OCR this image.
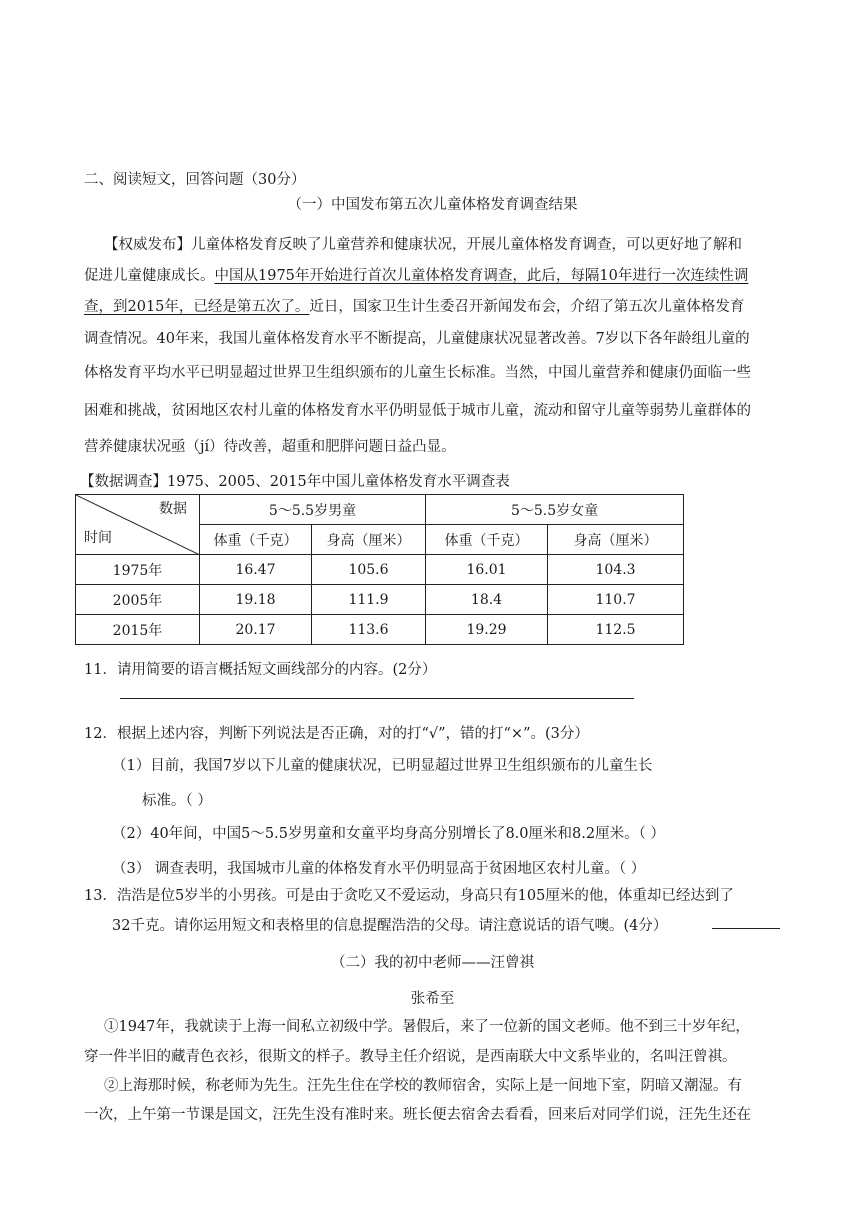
二、阅读短文，回答问题（30分）
（一）中国发布第五次儿童体格发育调查结果
【权威发布】儿童体格发育反映了儿童营养和健康状况，开展儿童体格发育调查，可以更好地了解和
促进儿童健康成长。中国从1975年开始进行首次儿童体格发育调查，此后，每隔10年进行一次连续性调
查，到2015年，已经是第五次了。近日，国家卫生计生委召开新闻发布会，介绍了第五次儿童体格发育
调查情况。40年来，我国儿童体格发育水平不断提高，儿童健康状况显著改善。7岁以下各年龄组儿童的
体格发育平均水平已明显超过世界卫生组织颁布的儿童生长标准。当然，中国儿童营养和健康仍面临一些
困难和挑战，贫困地区农村儿童的体格发育水平仍明显低于城市儿童，流动和留守儿童等弱势儿童群体的
营养健康状况亟（jí）待改善，超重和肥胖问题日益凸显。
【数据调查】1975、2005、2015年中国儿童体格发育水平调查表
数据
时间	5～5.5岁男童		5～5.5岁女童	
	体重（千克）	身高（厘米）	体重（千克）	身高（厘米）
1975年	16.47	105.6	16.01	104.3
2005年	19.18	111.9	18.4	110.7
2015年	20.17	113.6	19.29	112.5
11．请用简要的语言概括短文画线部分的内容。(2分）
12．根据上述内容，判断下列说法是否正确，对的打“√”，错的打“×”。(3分）
（1）目前，我国7岁以下儿童的健康状况，已明显超过世界卫生组织颁布的儿童生长
标准。（ ）
（2）40年间，中国5～5.5岁男童和女童平均身高分别增长了8.0厘米和8.2厘米。（ ）
（3） 调查表明，我国城市儿童的体格发育水平仍明显高于贫困地区农村儿童。（ ）
13．浩浩是位5岁半的小男孩。可是由于贪吃又不爱运动，身高只有105厘米的他，体重却已经达到了
32千克。请你运用短文和表格里的信息提醒浩浩的父母。请注意说话的语气噢。(4分）
（二）我的初中老师——汪曾祺
张希至
①1947年，我就读于上海一间私立初级中学。暑假后，来了一位新的国文老师。他不到三十岁年纪，
穿一件半旧的藏青色衣衫，很斯文的样子。教导主任介绍说，是西南联大中文系毕业的，名叫汪曾祺。
②上海那时候，称老师为先生。汪先生住在学校的教师宿舍，实际上是一间地下室，阴暗又潮湿。有
一次，上午第一节课是国文，汪先生没有准时来。班长便去宿舍去看看，回来后对同学们说，汪先生还在
